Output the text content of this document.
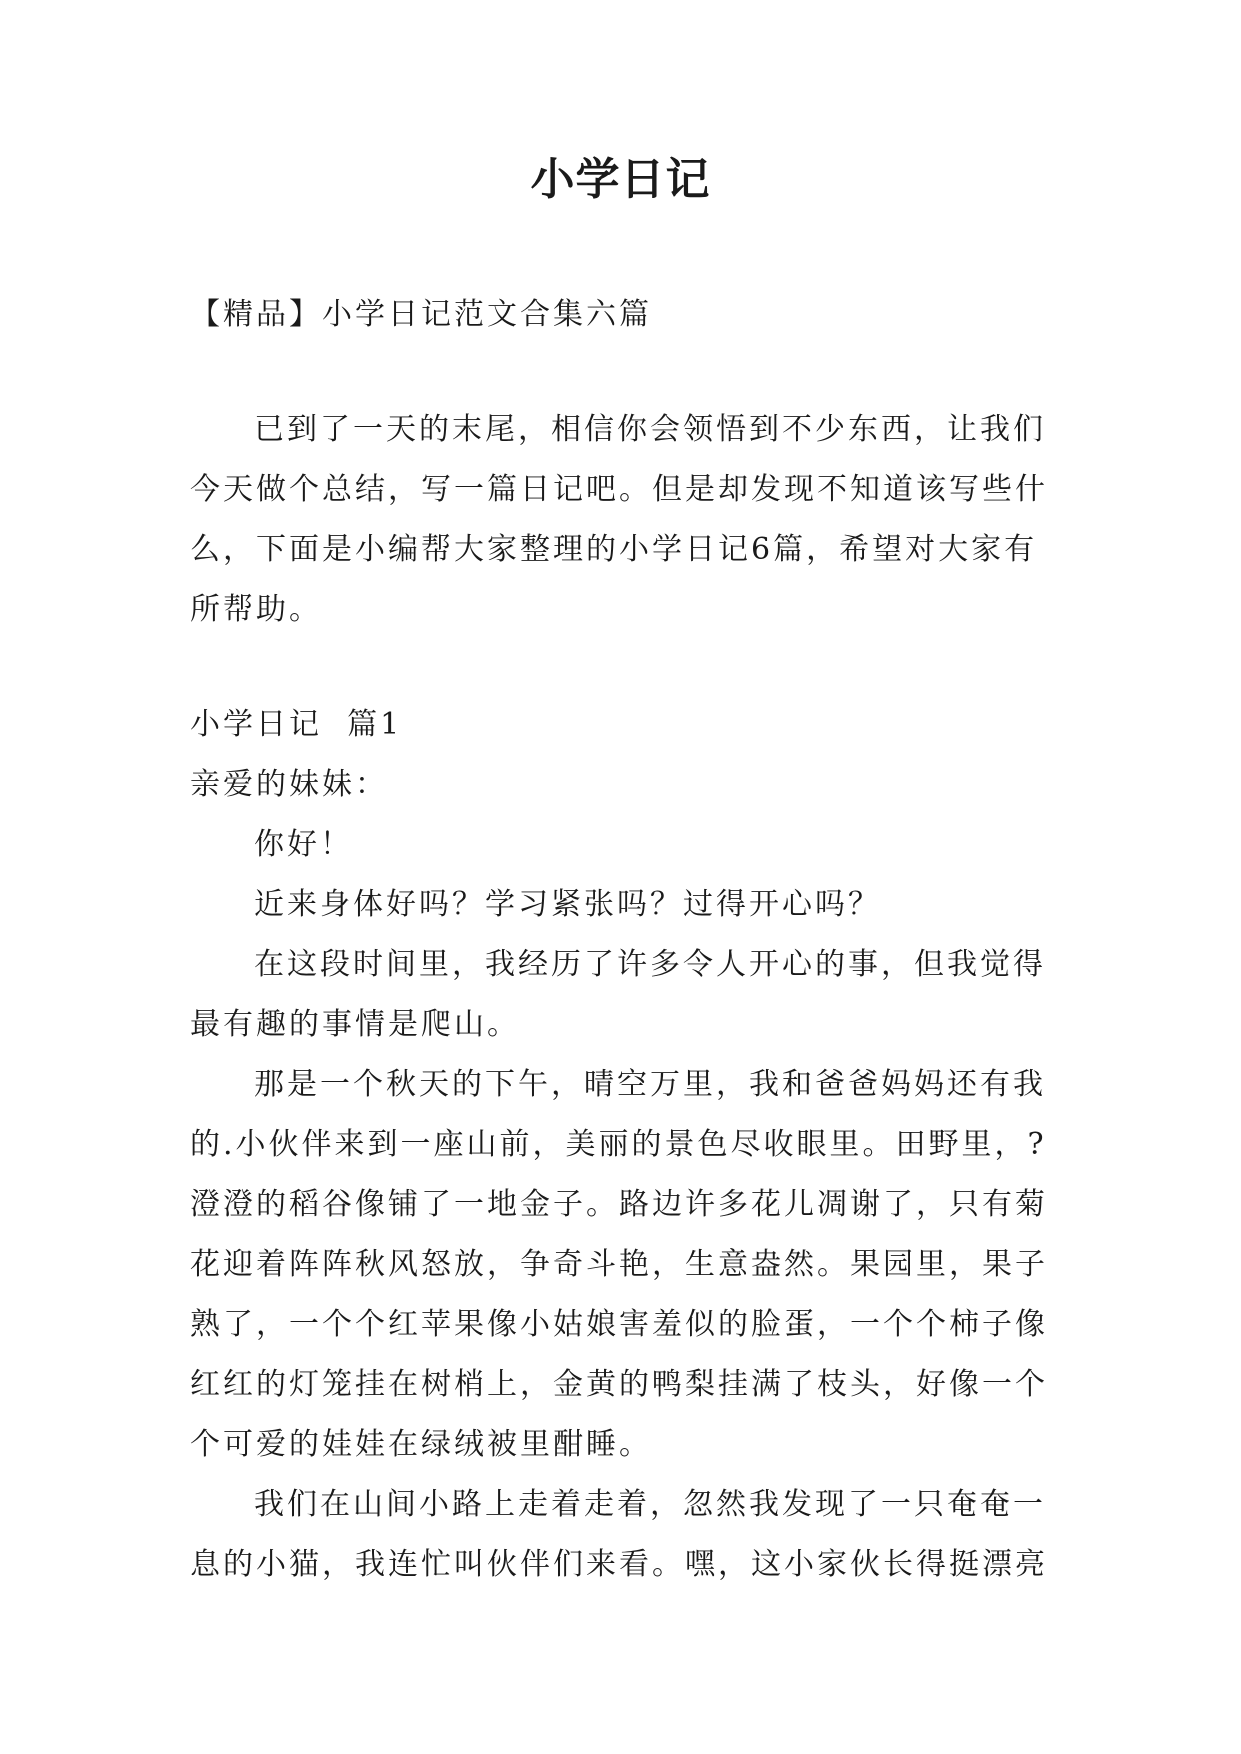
小学日记

【精品】小学日记范文合集六篇

已到了一天的末尾，相信你会领悟到不少东西，让我们今天做个总结，写一篇日记吧。但是却发现不知道该写些什么，下面是小编帮大家整理的小学日记6篇，希望对大家有所帮助。

小学日记  篇1

亲爱的妹妹：

你好！

近来身体好吗？学习紧张吗？过得开心吗？

在这段时间里，我经历了许多令人开心的事，但我觉得最有趣的事情是爬山。

那是一个秋天的下午，晴空万里，我和爸爸妈妈还有我的.小伙伴来到一座山前，美丽的景色尽收眼里。田野里，?澄澄的稻谷像铺了一地金子。路边许多花儿凋谢了，只有菊花迎着阵阵秋风怒放，争奇斗艳，生意盎然。果园里，果子熟了，一个个红苹果像小姑娘害羞似的脸蛋，一个个柿子像红红的灯笼挂在树梢上，金黄的鸭梨挂满了枝头，好像一个个可爱的娃娃在绿绒被里酣睡。

我们在山间小路上走着走着，忽然我发现了一只奄奄一息的小猫，我连忙叫伙伴们来看。嘿，这小家伙长得挺漂亮
